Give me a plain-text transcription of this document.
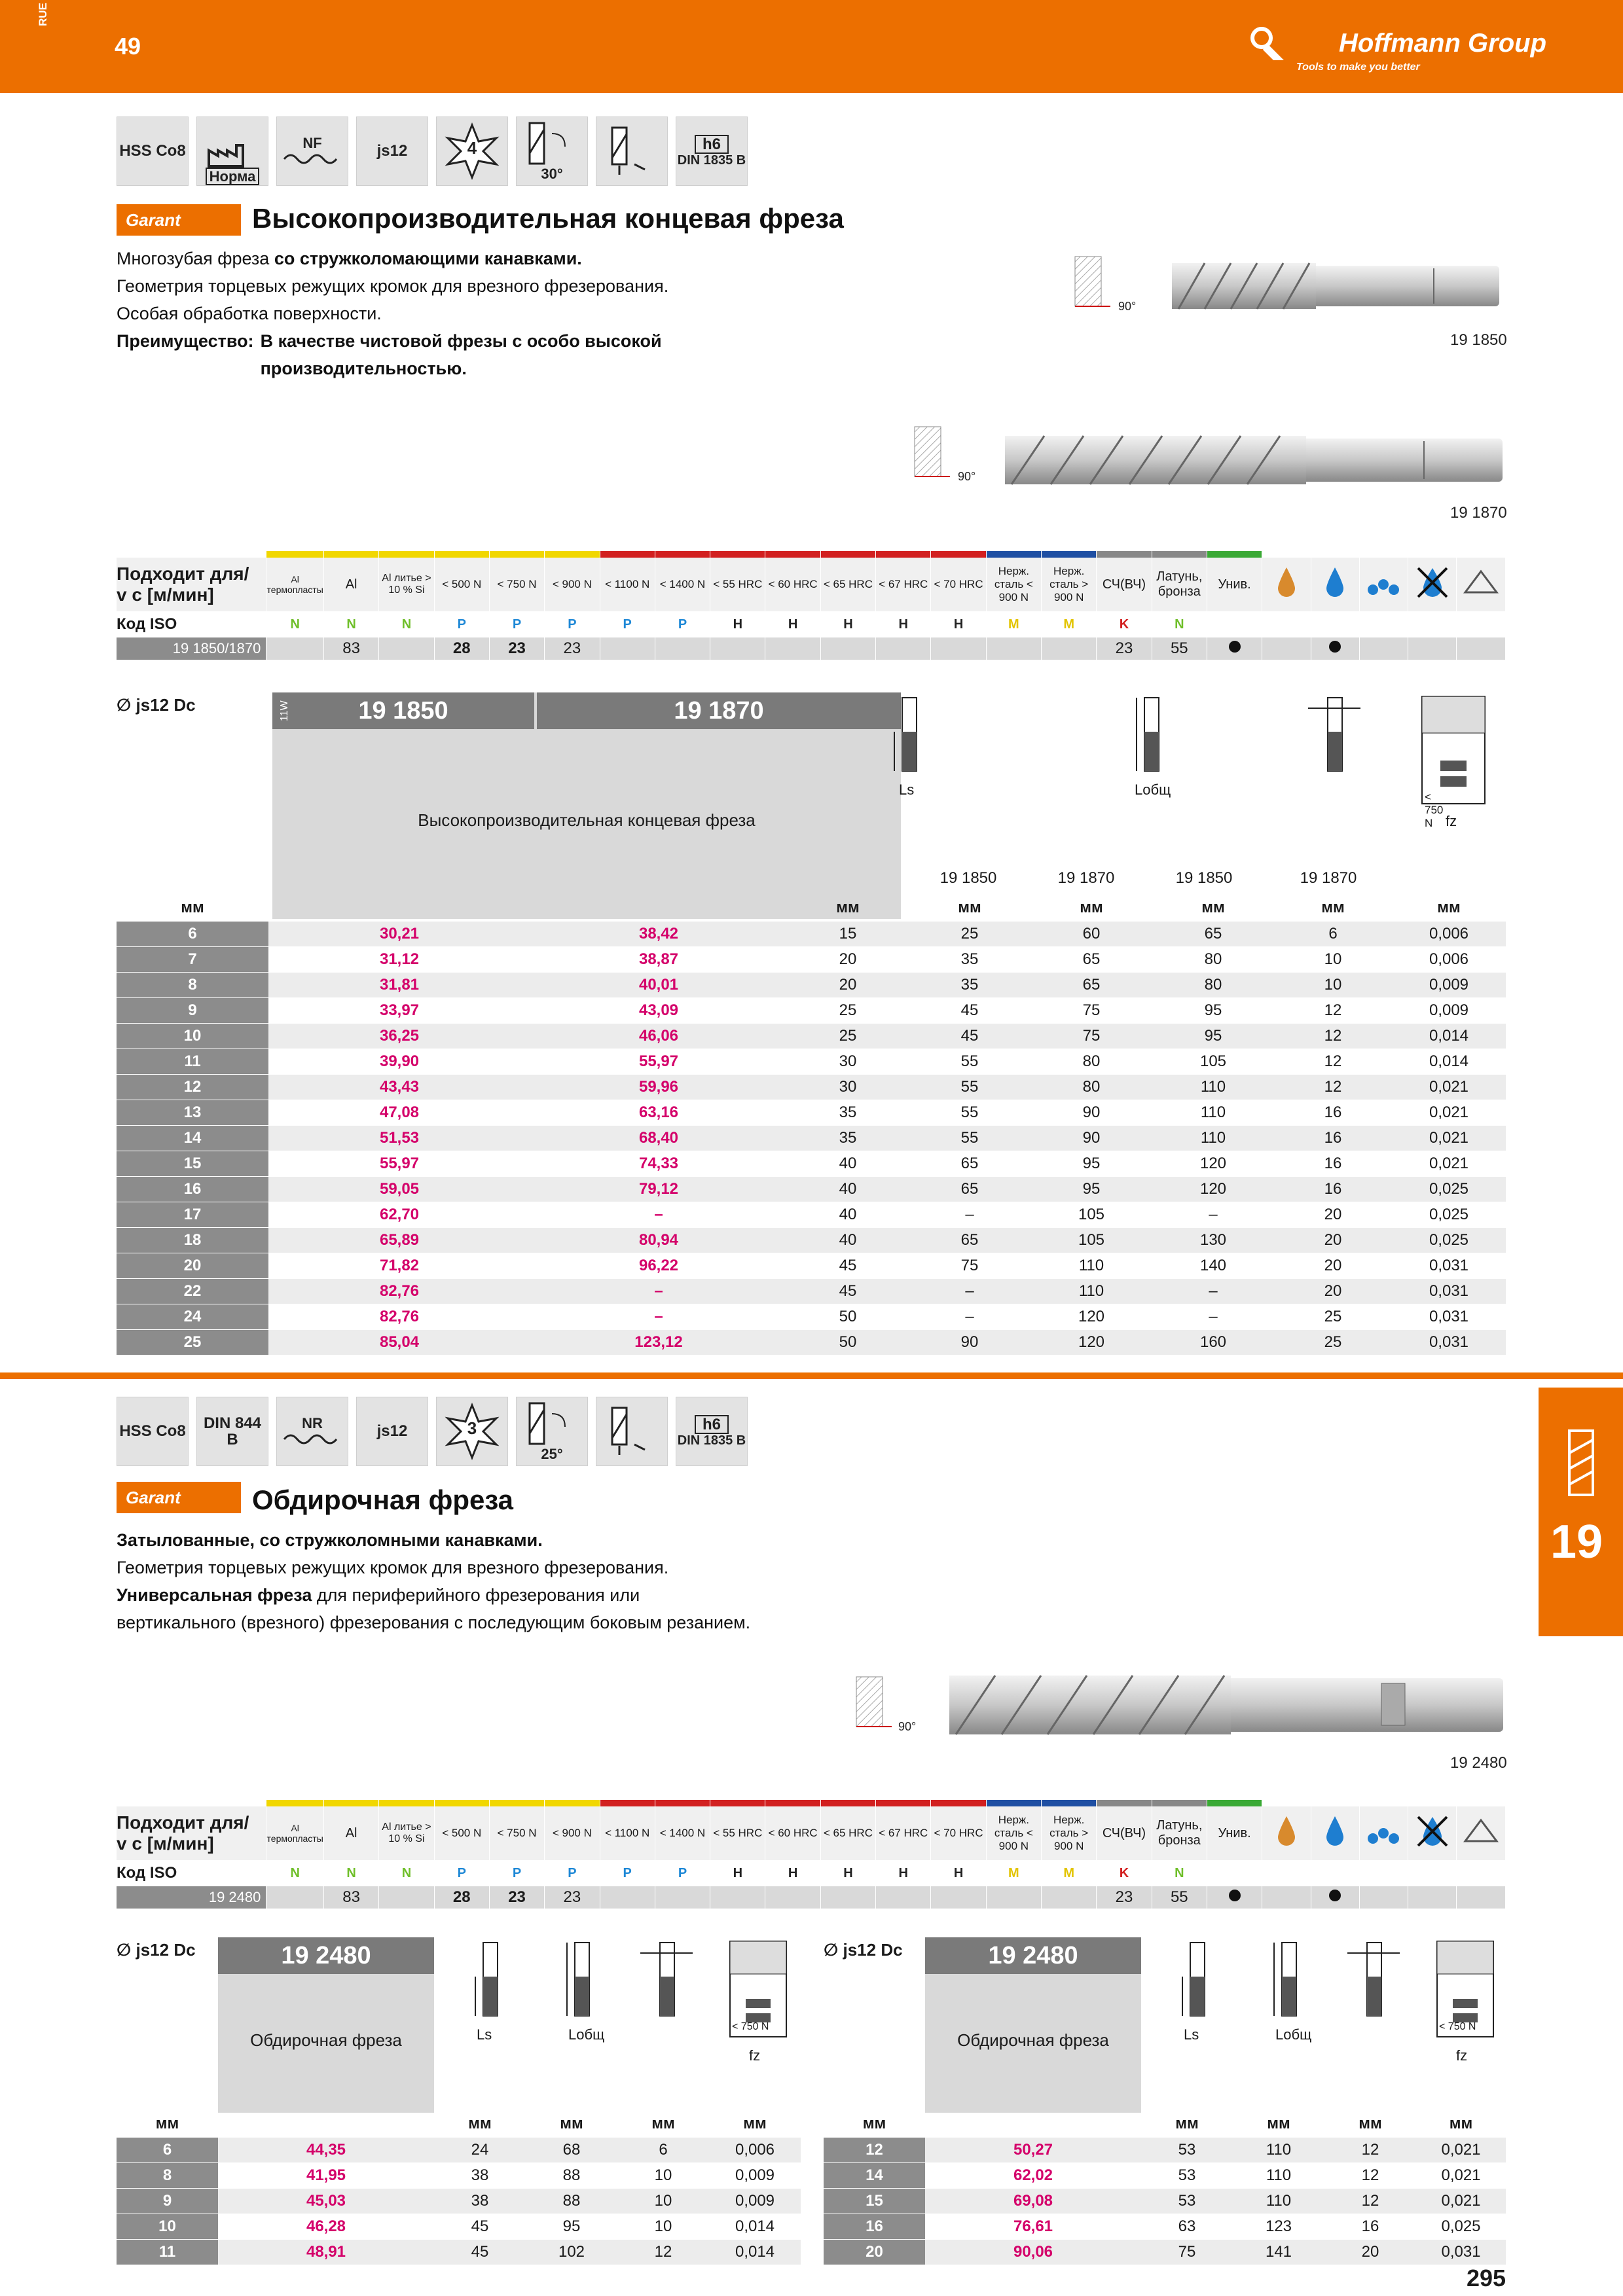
RUE
49	Hoffmann Group
Tools to make you better
HSS Co8
Норма
NF	js12	4
30°
h6
DIN 1835 B
Garant	Высокопроизводительная концевая фреза
Многозубая фреза со стружколомающими канавками.
Геометрия торцевых режущих кромок для врезного фрезерования.
Особая обработка поверхности.
Преимущество: В качестве чистовой фрезы с особо высокой производительностью.
90°
19 1850
90°
19 1870

Подходит для/
v c [м/мин]	Al термопласты	Al	Al литье > 10 % Si	< 500 N	< 750 N	< 900 N	< 1100 N	< 1400 N	< 55 HRC	< 60 HRC	< 65 HRC	< 67 HRC	< 70 HRC	Нерж. сталь < 900 N	Нерж. сталь > 900 N	СЧ(ВЧ)	Латунь, бронза	Унив.					
Код ISO	N	N	N	P	P	P	P	P	H	H	H	H	H	M	M	K	N						
19 1850/1870		83		28	23	23										23	55						
∅ js12 Dc	19 1850	19 1870
11W
Высокопроизводительная концевая фреза
Ls	Lобщ	< 750 N fz
19 1850	19 1870	19 1850	19 1870
мм			мм	мм	мм	мм	мм	мм
6	30,21	38,42	15	25	60	65	6	0,006
7	31,12	38,87	20	35	65	80	10	0,006
8	31,81	40,01	20	35	65	80	10	0,009
9	33,97	43,09	25	45	75	95	12	0,009
10	36,25	46,06	25	45	75	95	12	0,014
11	39,90	55,97	30	55	80	105	12	0,014
12	43,43	59,96	30	55	80	110	12	0,021
13	47,08	63,16	35	55	90	110	16	0,021
14	51,53	68,40	35	55	90	110	16	0,021
15	55,97	74,33	40	65	95	120	16	0,021
16	59,05	79,12	40	65	95	120	16	0,025
17	62,70	–	40	–	105	–	20	0,025
18	65,89	80,94	40	65	105	130	20	0,025
20	71,82	96,22	45	75	110	140	20	0,031
22	82,76	–	45	–	110	–	20	0,031
24	82,76	–	50	–	120	–	25	0,031
25	85,04	123,12	50	90	120	160	25	0,031
19
HSS Co8	DIN 844 B
NR	js12	3
25°
h6
DIN 1835 B
Garant	Обдирочная фреза
Затылованные, со стружколомными канавками.
Геометрия торцевых режущих кромок для врезного фрезерования.
Универсальная фреза для периферийного фрезерования или
вертикального (врезного) фрезерования с последующим боковым резанием.
90°
19 2480

Подходит для/
v c [м/мин]	Al термопласты	Al	Al литье > 10 % Si	< 500 N	< 750 N	< 900 N	< 1100 N	< 1400 N	< 55 HRC	< 60 HRC	< 65 HRC	< 67 HRC	< 70 HRC	Нерж. сталь < 900 N	Нерж. сталь > 900 N	СЧ(ВЧ)	Латунь, бронза	Унив.					
Код ISO	N	N	N	P	P	P	P	P	H	H	H	H	H	M	M	K	N						
19 2480		83		28	23	23										23	55						
∅ js12 Dc	19 2480
Обдирочная фреза	Ls	Lобщ	< 750 N
fz
мм		мм	мм	мм	мм
6	44,35	24	68	6	0,006
8	41,95	38	88	10	0,009
9	45,03	38	88	10	0,009
10	46,28	45	95	10	0,014
11	48,91	45	102	12	0,014
∅ js12 Dc	19 2480
Обдирочная фреза	Ls	Lобщ	< 750 N
fz
мм		мм	мм	мм	мм
12	50,27	53	110	12	0,021
14	62,02	53	110	12	0,021
15	69,08	53	110	12	0,021
16	76,61	63	123	16	0,025
20	90,06	75	141	20	0,031
295
